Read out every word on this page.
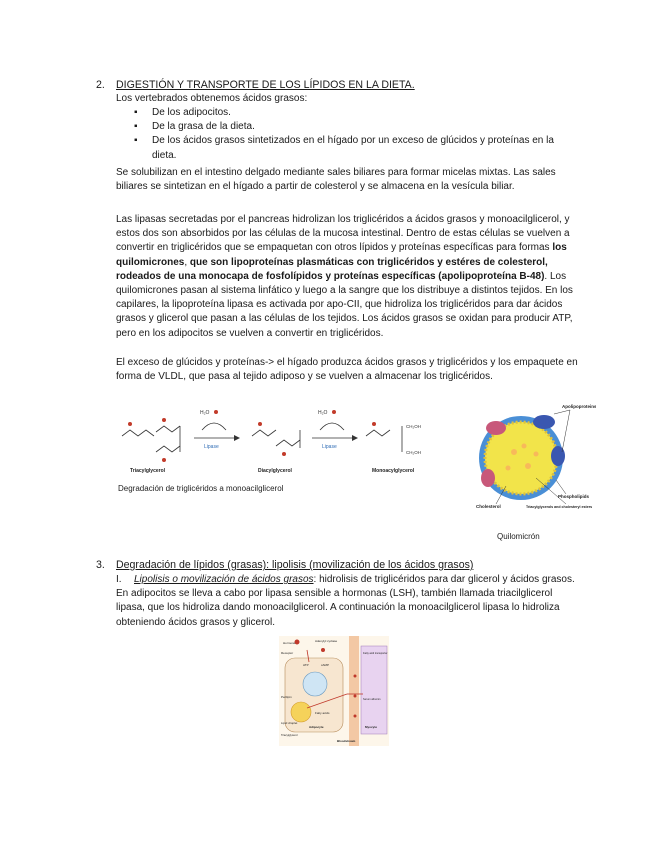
2. DIGESTIÓN Y TRANSPORTE DE LOS LÍPIDOS EN LA DIETA.
Los vertebrados obtenemos ácidos grasos:
▪ De los adipocitos.
▪ De la grasa de la dieta.
▪ De los ácidos grasos sintetizados en el hígado por un exceso de glúcidos y proteínas en la dieta.
Se solubilizan en el intestino delgado mediante sales biliares para formar micelas mixtas. Las sales biliares se sintetizan en el hígado a partir de colesterol y se almacena en la vesícula biliar.
Las lipasas secretadas por el pancreas hidrolizan los triglicéridos a ácidos grasos y monoacilglicerol, y estos dos son absorbidos por las células de la mucosa intestinal. Dentro de estas células se vuelven a convertir en triglicéridos que se empaquetan con otros lípidos y proteínas específicas para formas los quilomicrones, que son lipoproteínas plasmáticas con triglicéridos y estéres de colesterol, rodeados de una monocapa de fosfolípidos y proteínas específicas (apolipoproteína B-48). Los quilomicrones pasan al sistema linfático y luego a la sangre que los distribuye a distintos tejidos. En los capilares, la lipoproteína lipasa es activada por apo-CII, que hidroliza los triglicéridos para dar ácidos grasos y glicerol que pasan a las células de los tejidos. Los ácidos grasos se oxidan para producir ATP, pero en los adipocitos se vuelven a convertir en triglicéridos.
El exceso de glúcidos y proteínas-> el hígado produzca ácidos grasos y triglicéridos y los empaquete en forma de VLDL, que pasa al tejido adiposo y se vuelven a almacenar los triglicéridos.
H₂O	H₂O
Lipase	Lipase
CH₂OH
CH₂OH
Triacylglycerol	Diacylglycerol	Monoacylglycerol
Degradación de triglicéridos a monoacilglicerol
Apolipoproteins
Cholesterol
Phospholipids
Triacylglycerols and cholesteryl esters
Quilomicrón
3. Degradación de lípidos (grasas): lipolisis (movilización de los ácidos grasos)
I. Lipolisis o movilización de ácidos grasos: hidrolisis de triglicéridos para dar glicerol y ácidos grasos. En adipocitos se lleva a cabo por lipasa sensible a hormonas (LSH), también llamada triacilglicerol lipasa, que los hidroliza dando monoacilglicerol. A continuación la monoacilglicerol lipasa lo hidroliza obteniendo ácidos grasos y glicerol.
Hormone	Adenylyl cyclase
Receptor
ATP	cAMP
Fatty acid transporter
Perilipin
Lipid droplet
Triacylglycerol
Fatty acids
Adipocyte
Serum albumin
Myocyte
Bloodstream
